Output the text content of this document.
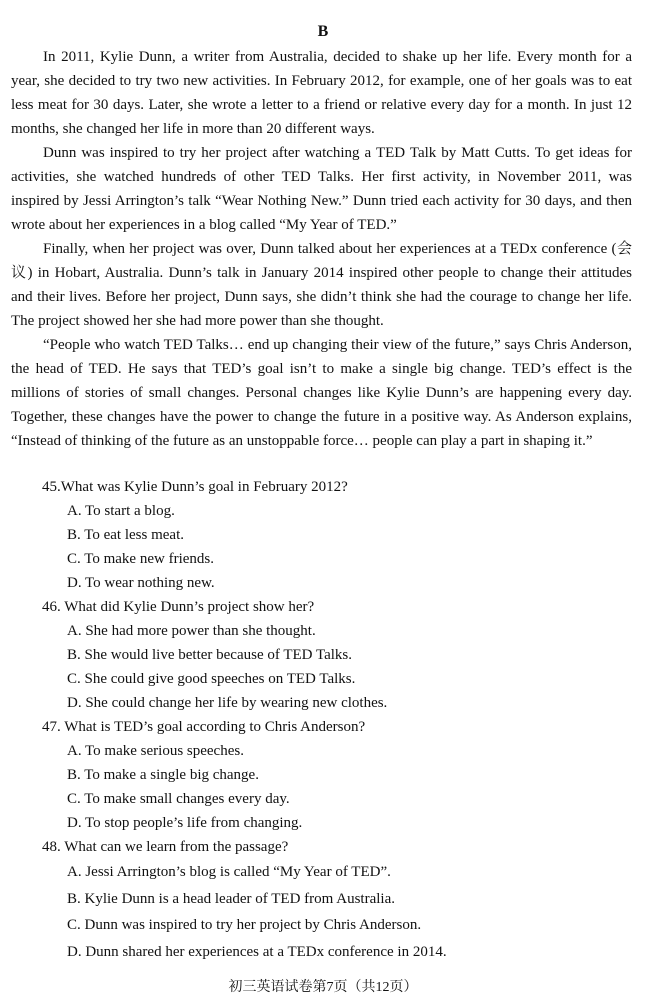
B

In 2011, Kylie Dunn, a writer from Australia, decided to shake up her life. Every month for a year, she decided to try two new activities. In February 2012, for example, one of her goals was to eat less meat for 30 days. Later, she wrote a letter to a friend or relative every day for a month. In just 12 months, she changed her life in more than 20 different ways.

Dunn was inspired to try her project after watching a TED Talk by Matt Cutts. To get ideas for activities, she watched hundreds of other TED Talks. Her first activity, in November 2011, was inspired by Jessi Arrington’s talk “Wear Nothing New.” Dunn tried each activity for 30 days, and then wrote about her experiences in a blog called “My Year of TED.”

Finally, when her project was over, Dunn talked about her experiences at a TEDx conference (会议) in Hobart, Australia. Dunn’s talk in January 2014 inspired other people to change their attitudes and their lives. Before her project, Dunn says, she didn’t think she had the courage to change her life. The project showed her she had more power than she thought.

“People who watch TED Talks… end up changing their view of the future,” says Chris Anderson, the head of TED. He says that TED’s goal isn’t to make a single big change. TED’s effect is the millions of stories of small changes. Personal changes like Kylie Dunn’s are happening every day. Together, these changes have the power to change the future in a positive way. As Anderson explains, “Instead of thinking of the future as an unstoppable force… people can play a part in shaping it.”

45.What was Kylie Dunn’s goal in February 2012?
A. To start a blog.
B. To eat less meat.
C. To make new friends.
D. To wear nothing new.
46. What did Kylie Dunn’s project show her?
A. She had more power than she thought.
B. She would live better because of TED Talks.
C. She could give good speeches on TED Talks.
D. She could change her life by wearing new clothes.
47. What is TED’s goal according to Chris Anderson?
A. To make serious speeches.
B. To make a single big change.
C. To make small changes every day.
D. To stop people’s life from changing.
48. What can we learn from the passage?
A. Jessi Arrington’s blog is called “My Year of TED”.
B. Kylie Dunn is a head leader of TED from Australia.
C. Dunn was inspired to try her project by Chris Anderson.
D. Dunn shared her experiences at a TEDx conference in 2014.
初三英语试卷第7页（共12页）
